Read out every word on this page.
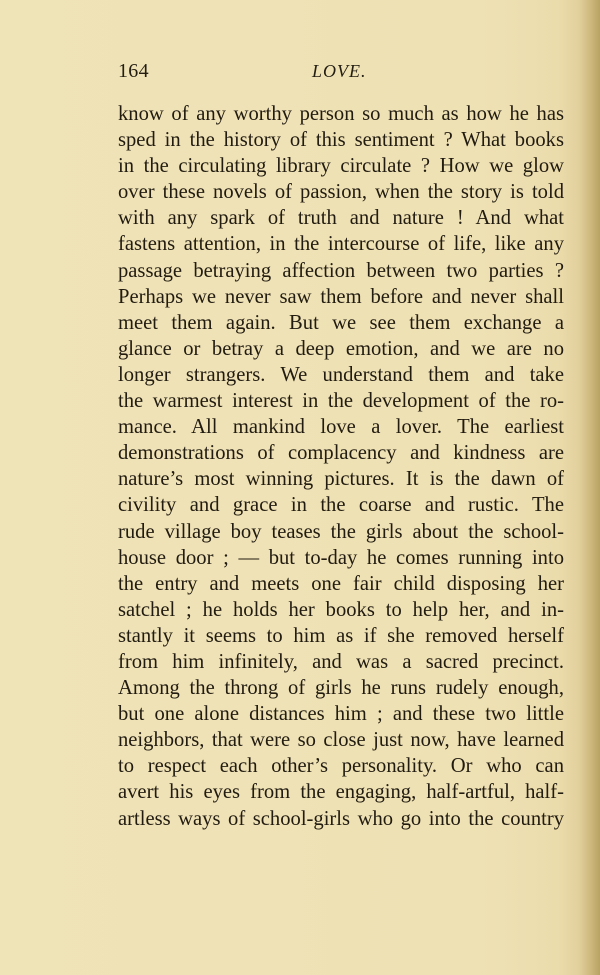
164	LOVE.
know of any worthy person so much as how he has
sped in the history of this sentiment ? What books
in the circulating library circulate ? How we glow
over these novels of passion, when the story is told
with any spark of truth and nature ! And what
fastens attention, in the intercourse of life, like any
passage betraying affection between two parties ?
Perhaps we never saw them before and never shall
meet them again. But we see them exchange a
glance or betray a deep emotion, and we are no
longer strangers. We understand them and take
the warmest interest in the development of the ro-
mance. All mankind love a lover. The earliest
demonstrations of complacency and kindness are
nature’s most winning pictures. It is the dawn of
civility and grace in the coarse and rustic. The
rude village boy teases the girls about the school-
house door ; — but to-day he comes running into
the entry and meets one fair child disposing her
satchel ; he holds her books to help her, and in-
stantly it seems to him as if she removed herself
from him infinitely, and was a sacred precinct.
Among the throng of girls he runs rudely enough,
but one alone distances him ; and these two little
neighbors, that were so close just now, have learned
to respect each other’s personality. Or who can
avert his eyes from the engaging, half-artful, half-
artless ways of school-girls who go into the country
